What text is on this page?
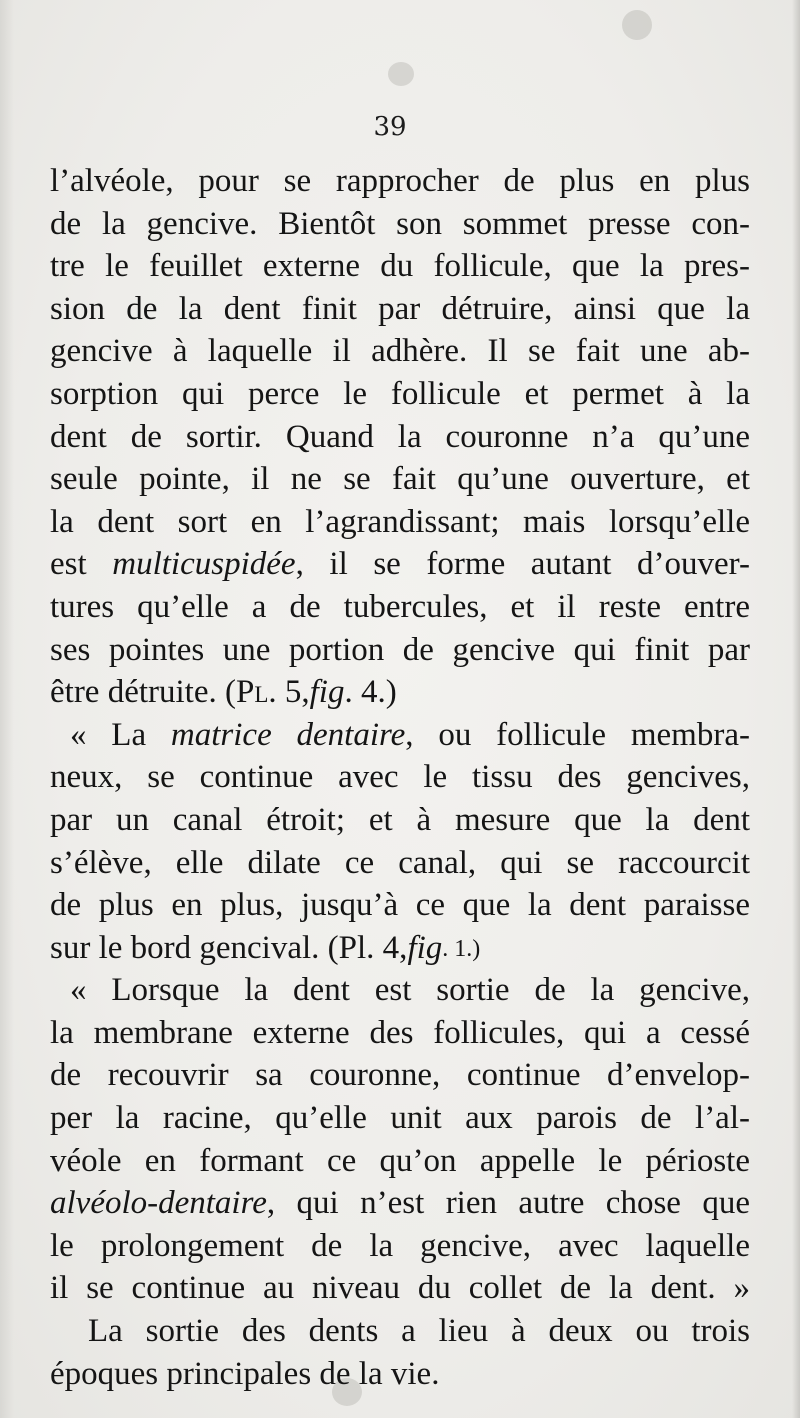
39
l’alvéole, pour se rapprocher de plus en plus
de la gencive. Bientôt son sommet presse con-
tre le feuillet externe du follicule, que la pres-
sion de la dent finit par détruire, ainsi que la
gencive à laquelle il adhère. Il se fait une ab-
sorption qui perce le follicule et permet à la
dent de sortir. Quand la couronne n’a qu’une
seule pointe, il ne se fait qu’une ouverture, et
la dent sort en l’agrandissant; mais lorsqu’elle
est multicuspidée, il se forme autant d’ouver-
tures qu’elle a de tubercules, et il reste entre
ses pointes une portion de gencive qui finit par
être détruite. (Pl. 5,fig. 4.)
« La matrice dentaire, ou follicule membra-
neux, se continue avec le tissu des gencives,
par un canal étroit; et à mesure que la dent
s’élève, elle dilate ce canal, qui se raccourcit
de plus en plus, jusqu’à ce que la dent paraisse
sur le bord gencival. (Pl. 4,fig. 1.)
« Lorsque la dent est sortie de la gencive,
la membrane externe des follicules, qui a cessé
de recouvrir sa couronne, continue d’envelop-
per la racine, qu’elle unit aux parois de l’al-
véole en formant ce qu’on appelle le périoste
alvéolo-dentaire, qui n’est rien autre chose que
le prolongement de la gencive, avec laquelle
il se continue au niveau du collet de la dent. »
La sortie des dents a lieu à deux ou trois
époques principales de la vie.
